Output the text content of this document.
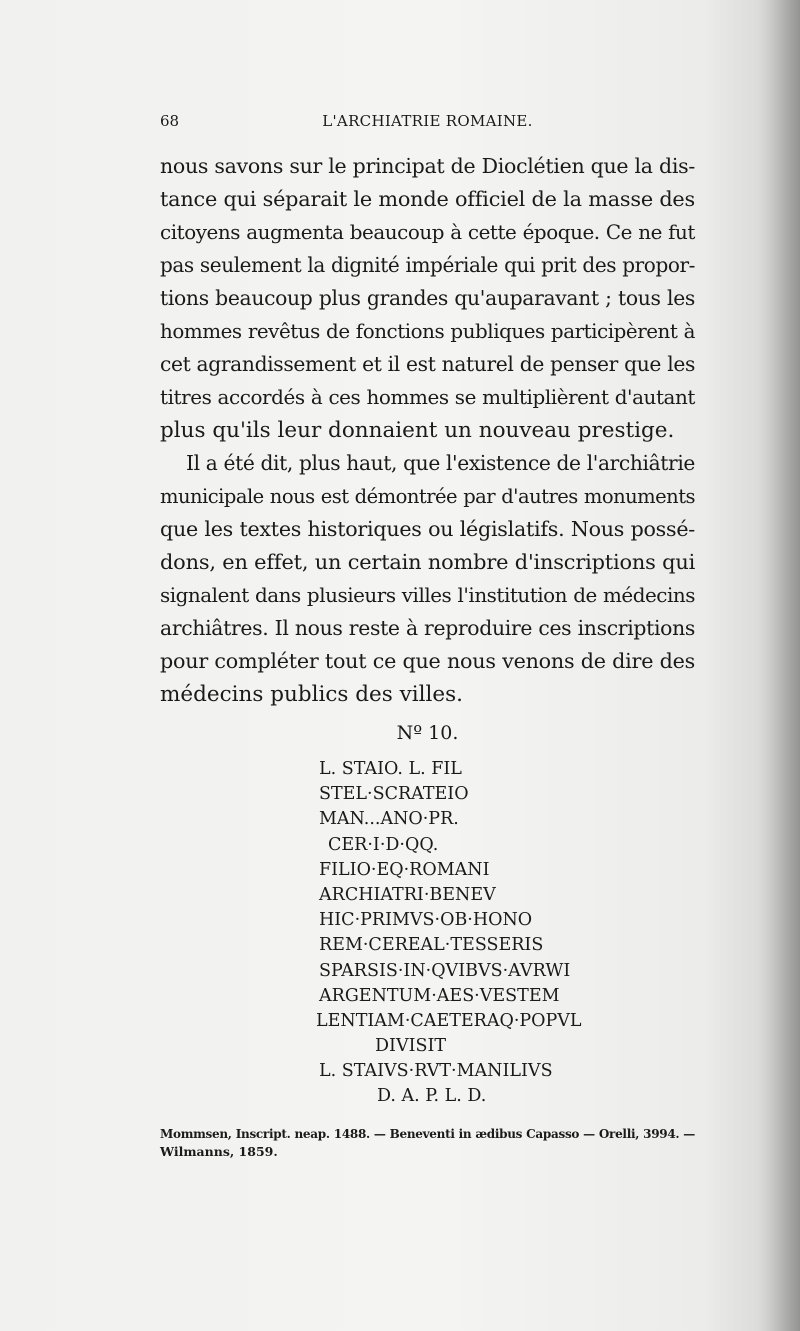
68	L'ARCHIATRIE ROMAINE.
nous savons sur le principat de Dioclétien que la dis-
tance qui séparait le monde officiel de la masse des
citoyens augmenta beaucoup à cette époque. Ce ne fut
pas seulement la dignité impériale qui prit des propor-
tions beaucoup plus grandes qu'auparavant ; tous les
hommes revêtus de fonctions publiques participèrent à
cet agrandissement et il est naturel de penser que les
titres accordés à ces hommes se multiplièrent d'autant
plus qu'ils leur donnaient un nouveau prestige.
Il a été dit, plus haut, que l'existence de l'archiâtrie
municipale nous est démontrée par d'autres monuments
que les textes historiques ou législatifs. Nous possé-
dons, en effet, un certain nombre d'inscriptions qui
signalent dans plusieurs villes l'institution de médecins
archiâtres. Il nous reste à reproduire ces inscriptions
pour compléter tout ce que nous venons de dire des
médecins publics des villes.
Nº 10.
L. STAIO. L. FIL
STEL·SCRATEIO
MAN...ANO·PR.
CER·I·D·QQ.
FILIO·EQ·ROMANI
ARCHIATRI·BENEV
HIC·PRIMVS·OB·HONO
REM·CEREAL·TESSERIS
SPARSIS·IN·QVIBVS·AVRWI
ARGENTUM·AES·VESTEM
LENTIAM·CAETERAQ·POPVL
DIVISIT
L. STAIVS·RVT·MANILIVS
D. A. P. L. D.
Mommsen, Inscript. neap. 1488. — Beneventi in ædibus Capasso — Orelli, 3994. —
Wilmanns, 1859.
